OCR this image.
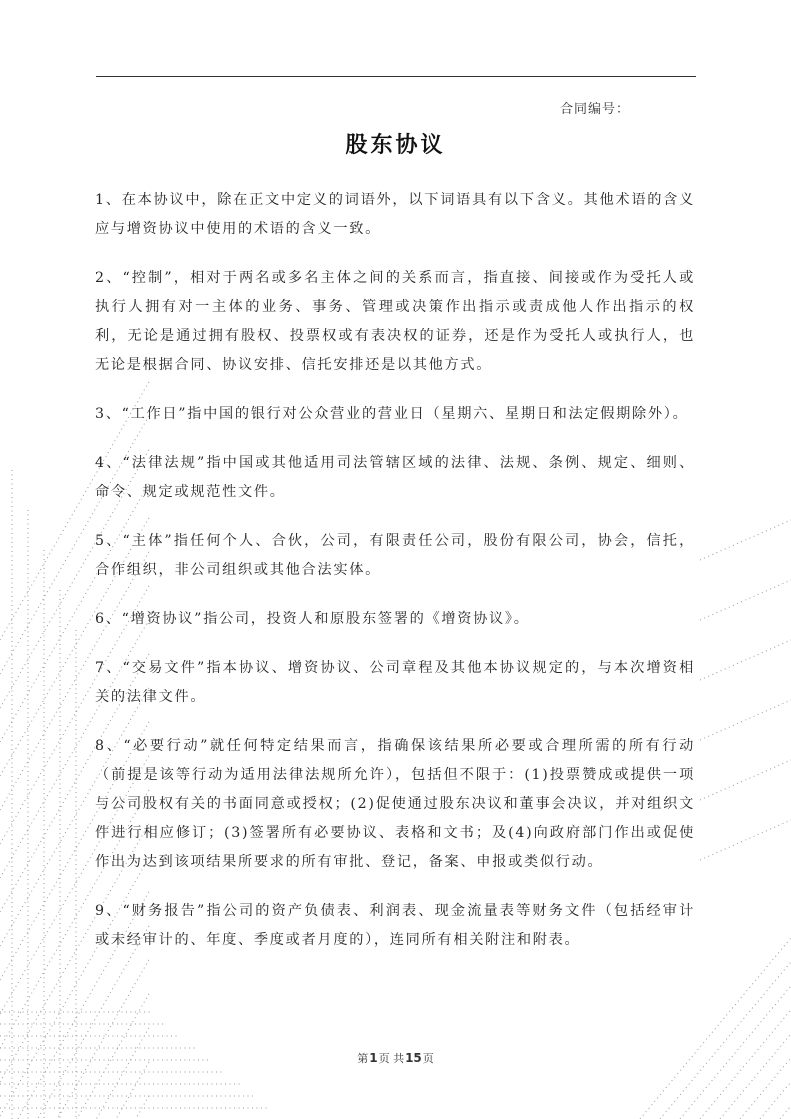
合同编号：
股东协议

1、在本协议中，除在正文中定义的词语外，以下词语具有以下含义。其他术语的含义应与增资协议中使用的术语的含义一致。

2、“控制”，相对于两名或多名主体之间的关系而言，指直接、间接或作为受托人或执行人拥有对一主体的业务、事务、管理或决策作出指示或责成他人作出指示的权利，无论是通过拥有股权、投票权或有表决权的证券，还是作为受托人或执行人，也无论是根据合同、协议安排、信托安排还是以其他方式。

3、“工作日”指中国的银行对公众营业的营业日（星期六、星期日和法定假期除外）。

4、“法律法规”指中国或其他适用司法管辖区域的法律、法规、条例、规定、细则、命令、规定或规范性文件。

5、“主体”指任何个人、合伙，公司，有限责任公司，股份有限公司，协会，信托，合作组织，非公司组织或其他合法实体。

6、“增资协议”指公司，投资人和原股东签署的《增资协议》。

7、“交易文件”指本协议、增资协议、公司章程及其他本协议规定的，与本次增资相关的法律文件。

8、“必要行动”就任何特定结果而言，指确保该结果所必要或合理所需的所有行动（前提是该等行动为适用法律法规所允许），包括但不限于：(1)投票赞成或提供一项与公司股权有关的书面同意或授权；(2)促使通过股东决议和董事会决议，并对组织文件进行相应修订；(3)签署所有必要协议、表格和文书；及(4)向政府部门作出或促使作出为达到该项结果所要求的所有审批、登记，备案、申报或类似行动。

9、“财务报告”指公司的资产负债表、利润表、现金流量表等财务文件（包括经审计或未经审计的、年度、季度或者月度的），连同所有相关附注和附表。

第1页 共15页
